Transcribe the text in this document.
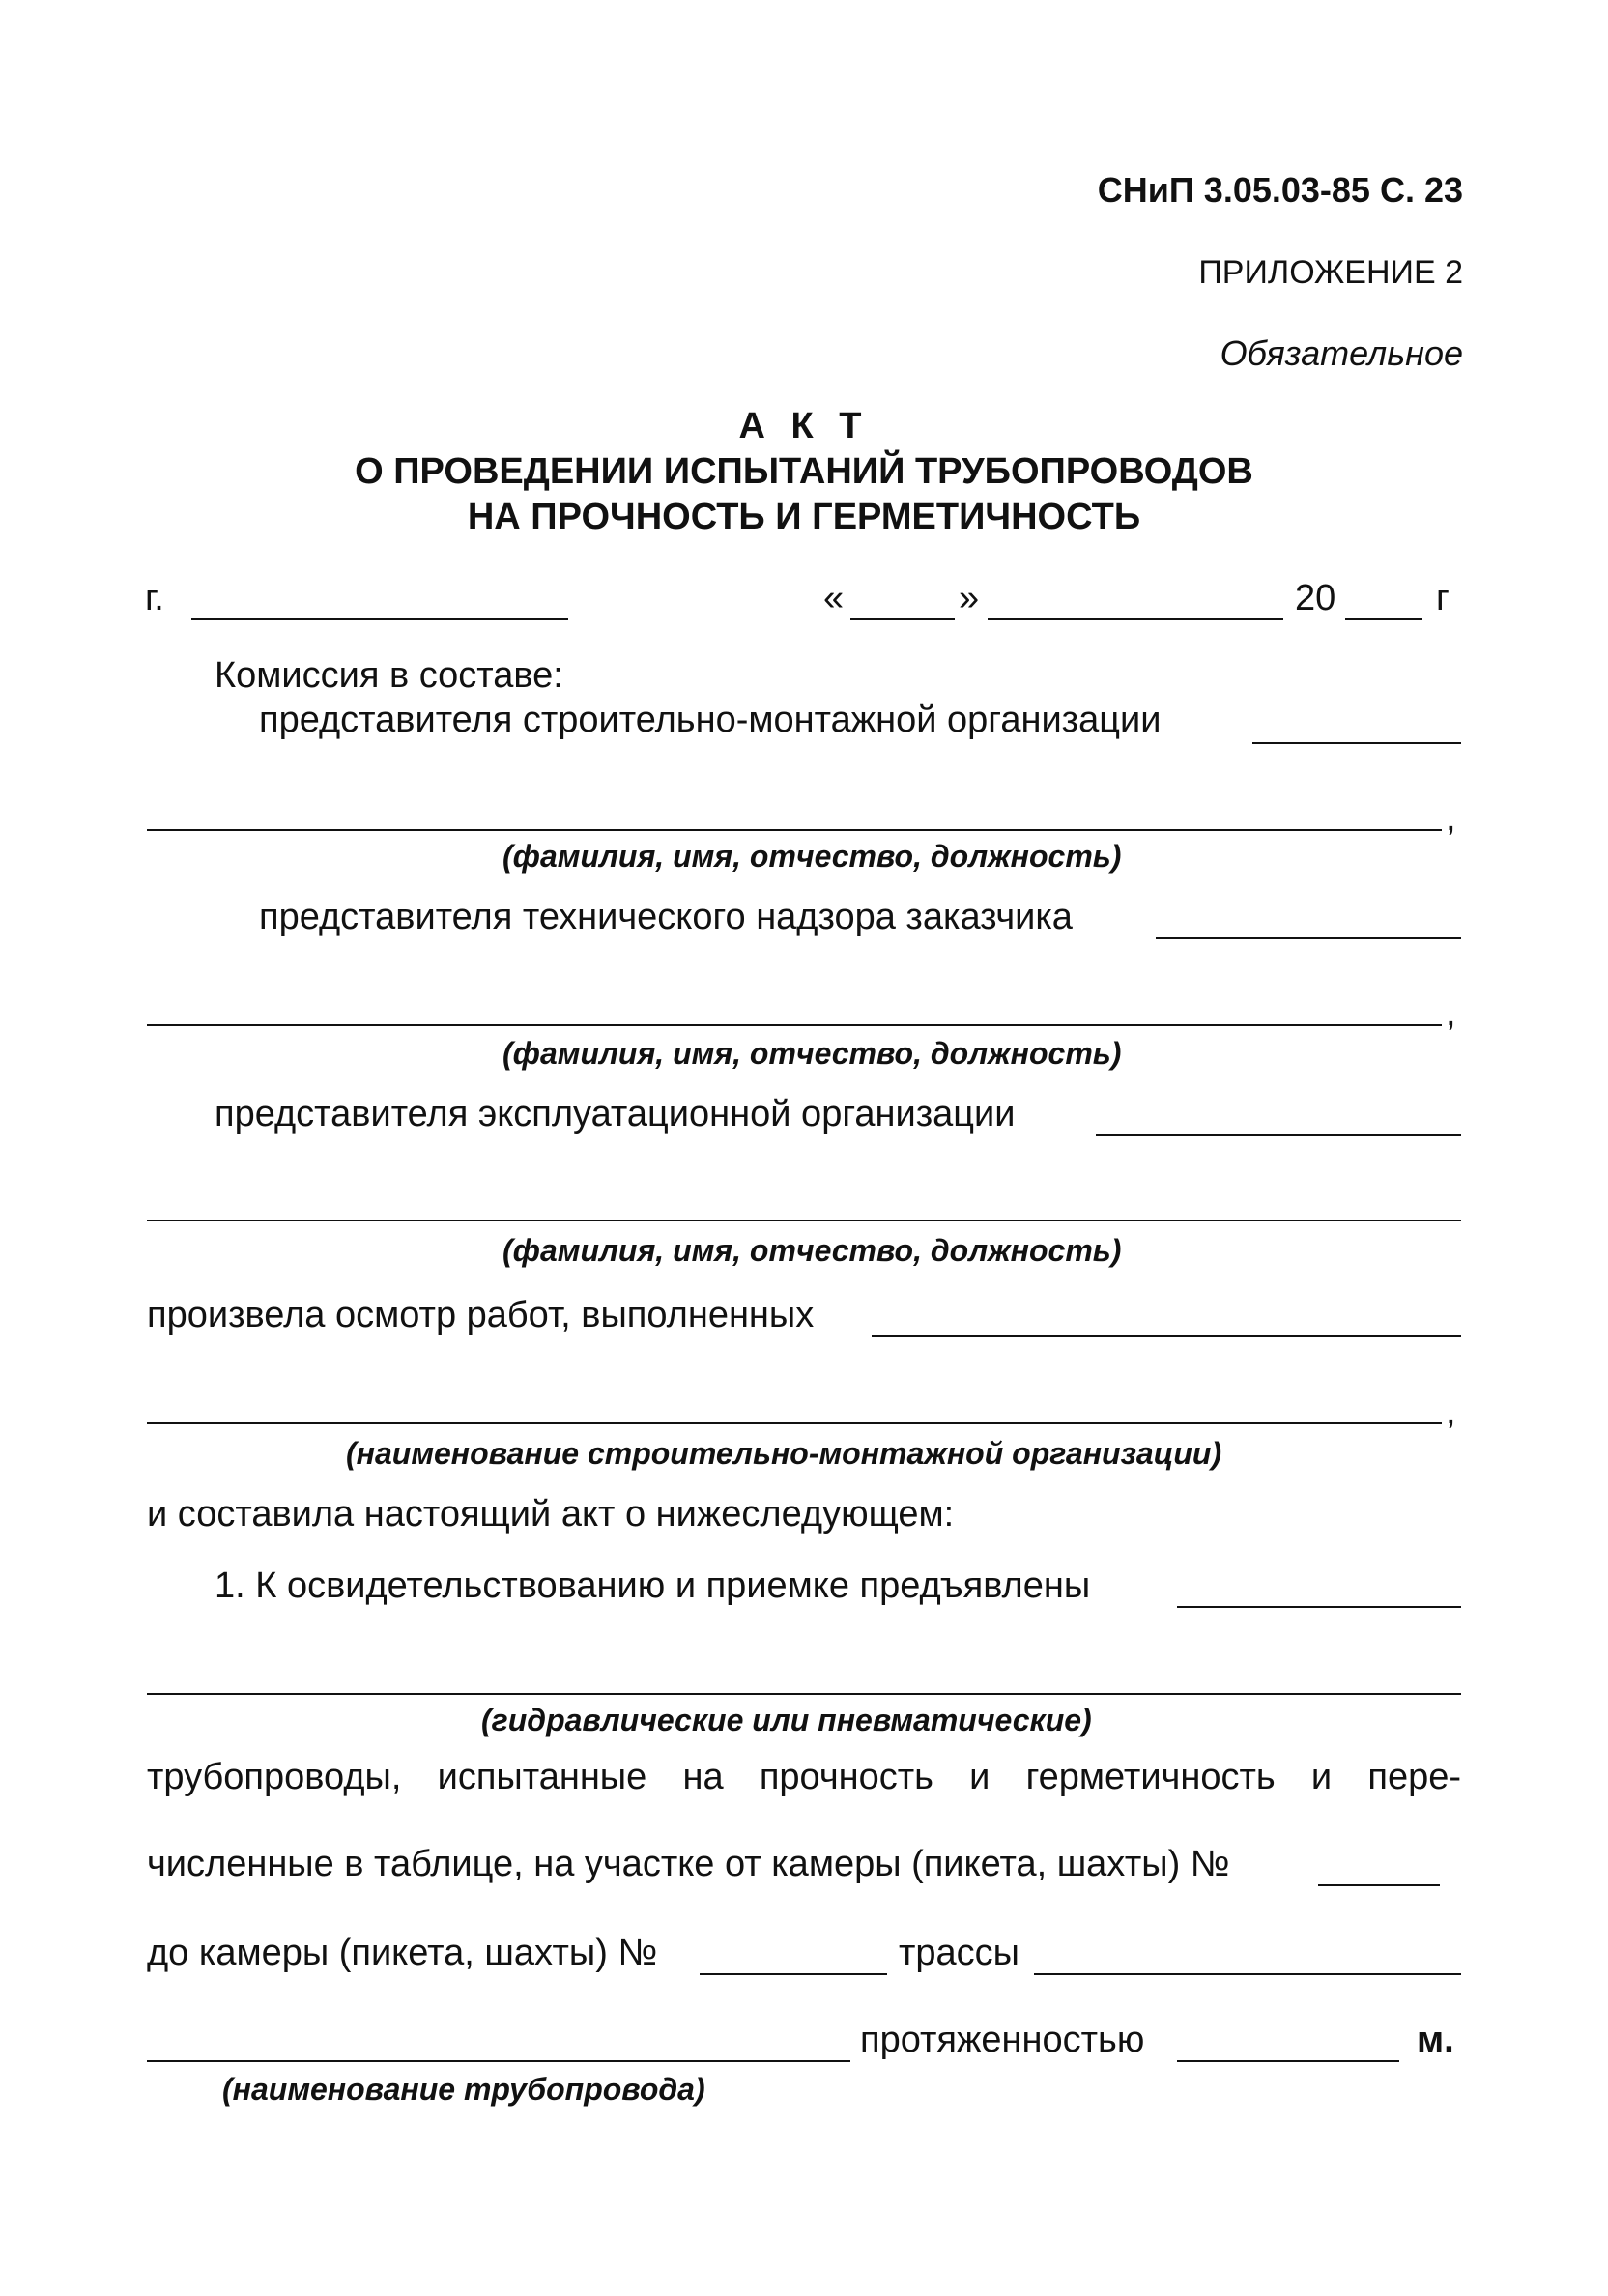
СНиП 3.05.03-85 С. 23
ПРИЛОЖЕНИЕ 2
Обязательное
А К Т
О ПРОВЕДЕНИИ ИСПЫТАНИЙ ТРУБОПРОВОДОВ
НА ПРОЧНОСТЬ И ГЕРМЕТИЧНОСТЬ
г.	«	»	20	г
Комиссия в составе:
представителя строительно-монтажной организации
,
(фамилия, имя, отчество, должность)
представителя технического надзора заказчика
,
(фамилия, имя, отчество, должность)
представителя эксплуатационной организации
(фамилия, имя, отчество, должность)
произвела осмотр работ, выполненных
,
(наименование строительно-монтажной организации)
и составила настоящий акт о нижеследующем:
1. К освидетельствованию и приемке предъявлены
(гидравлические или пневматические)
трубопроводы, испытанные на прочность и герметичность и пере-
численные в таблице, на участке от камеры (пикета, шахты) №
до камеры (пикета, шахты) №	трассы
протяженностью	м.
(наименование трубопровода)
